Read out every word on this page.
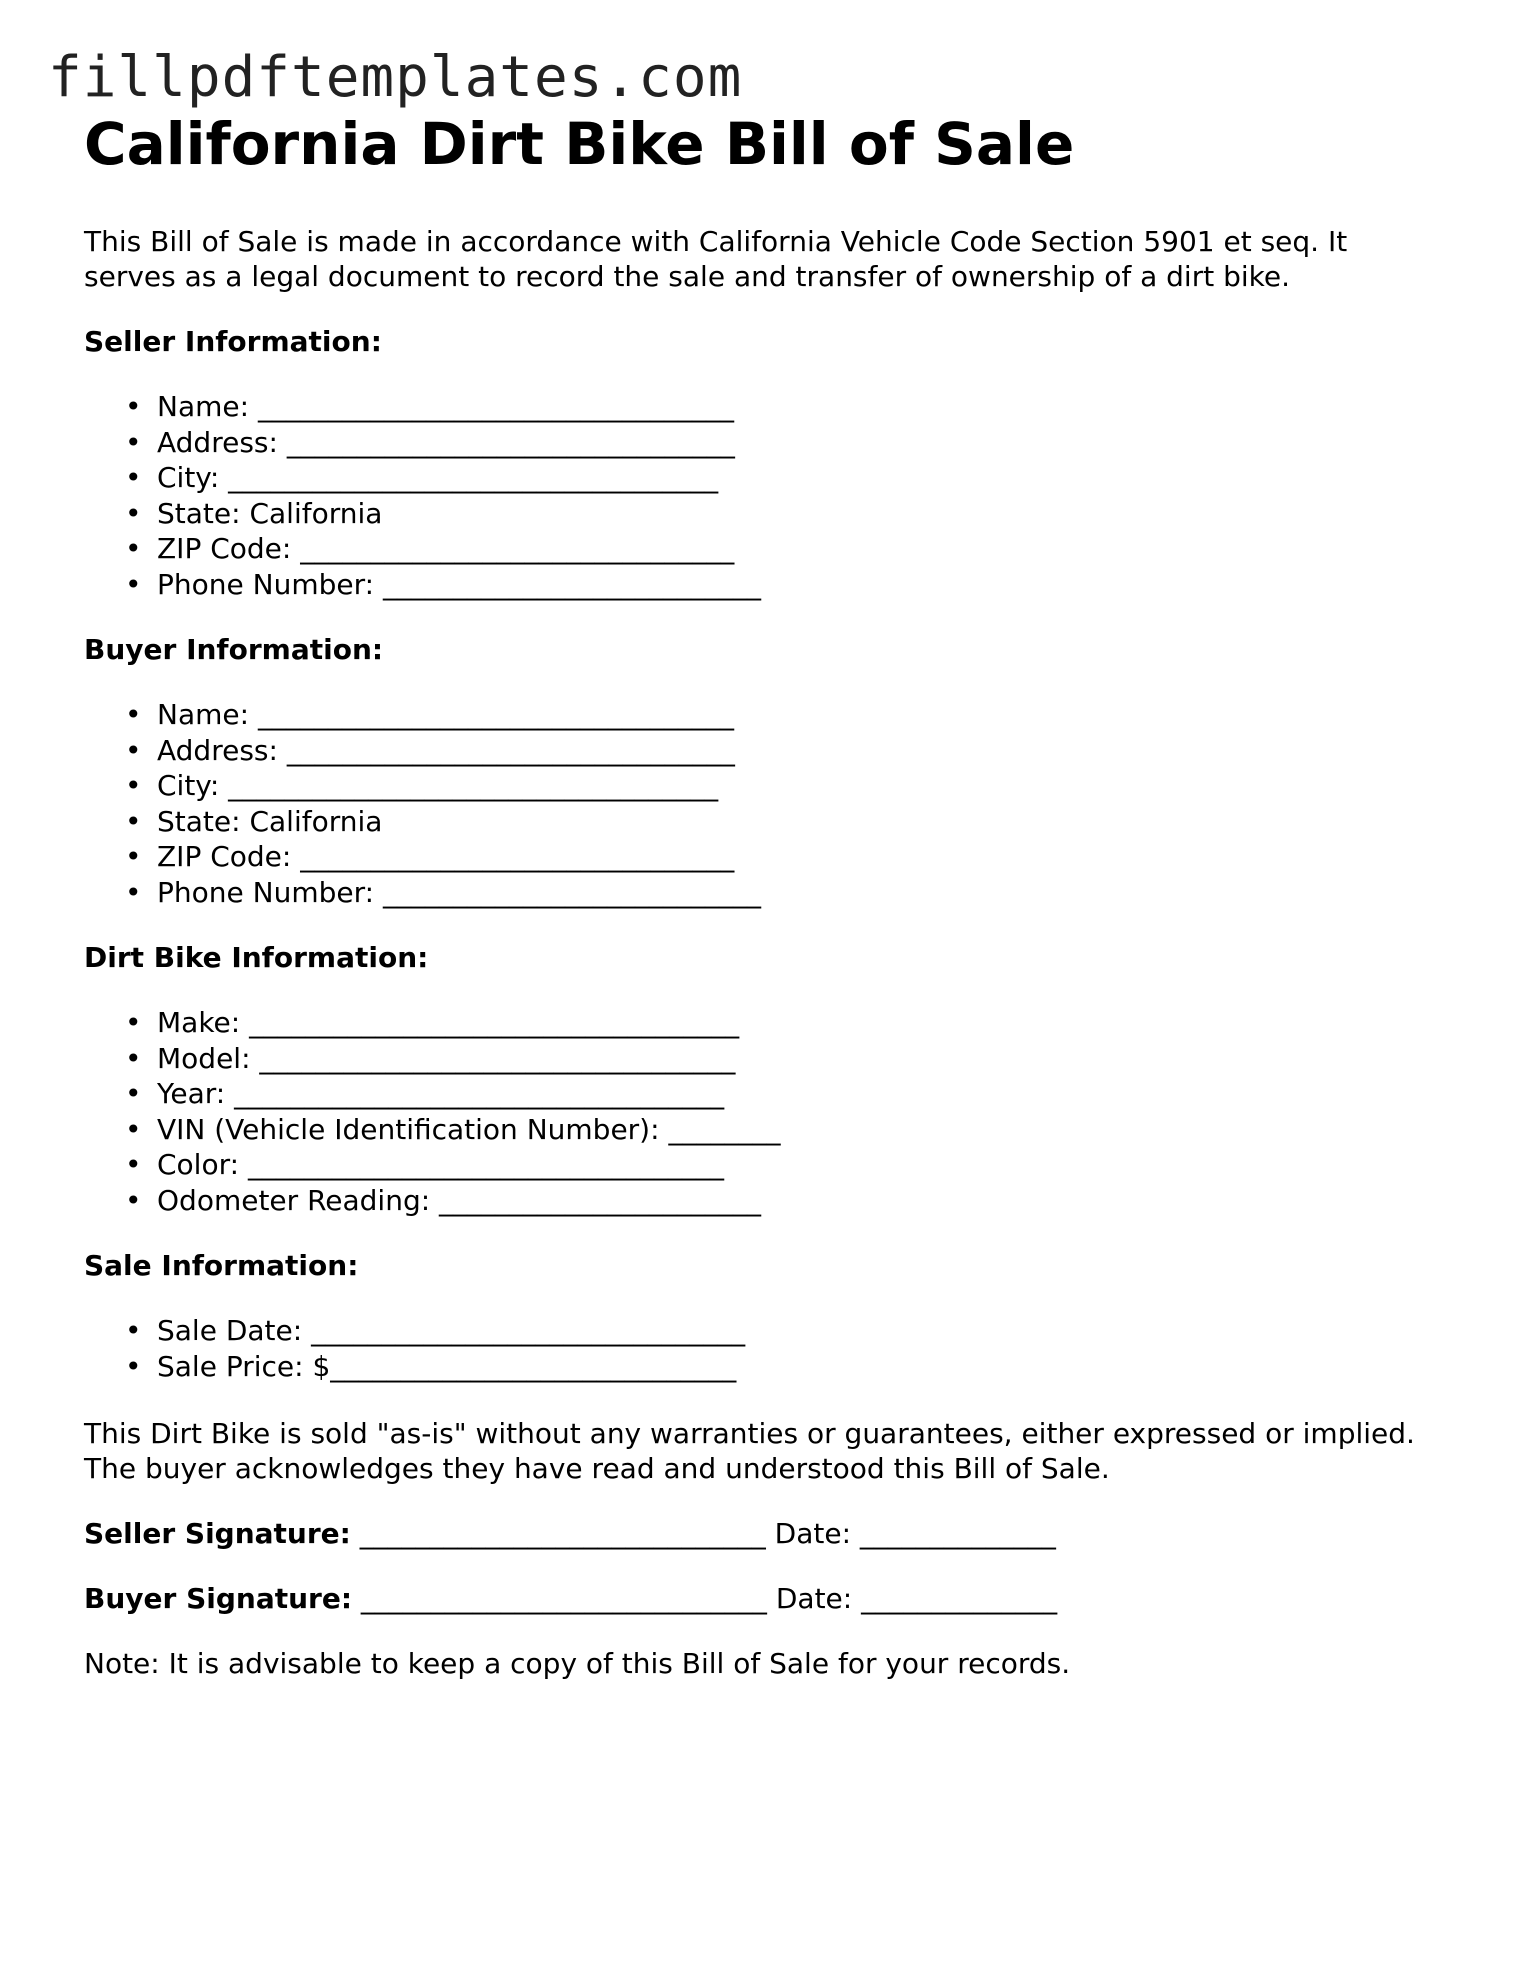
fillpdftemplates.com
California Dirt Bike Bill of Sale

This Bill of Sale is made in accordance with California Vehicle Code Section 5901 et seq. It serves as a legal document to record the sale and transfer of ownership of a dirt bike.

Seller Information:

• Name: __________________________________
• Address: ________________________________
• City: ___________________________________
• State: California
• ZIP Code: _______________________________
• Phone Number: ___________________________

Buyer Information:

• Name: __________________________________
• Address: ________________________________
• City: ___________________________________
• State: California
• ZIP Code: _______________________________
• Phone Number: ___________________________

Dirt Bike Information:

• Make: ___________________________________
• Model: __________________________________
• Year: ___________________________________
• VIN (Vehicle Identification Number): ________
• Color: __________________________________
• Odometer Reading: _______________________

Sale Information:

• Sale Date: _______________________________
• Sale Price: $_____________________________

This Dirt Bike is sold "as-is" without any warranties or guarantees, either expressed or implied. The buyer acknowledges they have read and understood this Bill of Sale.

Seller Signature: _____________________________ Date: ______________

Buyer Signature: _____________________________ Date: ______________

Note: It is advisable to keep a copy of this Bill of Sale for your records.
